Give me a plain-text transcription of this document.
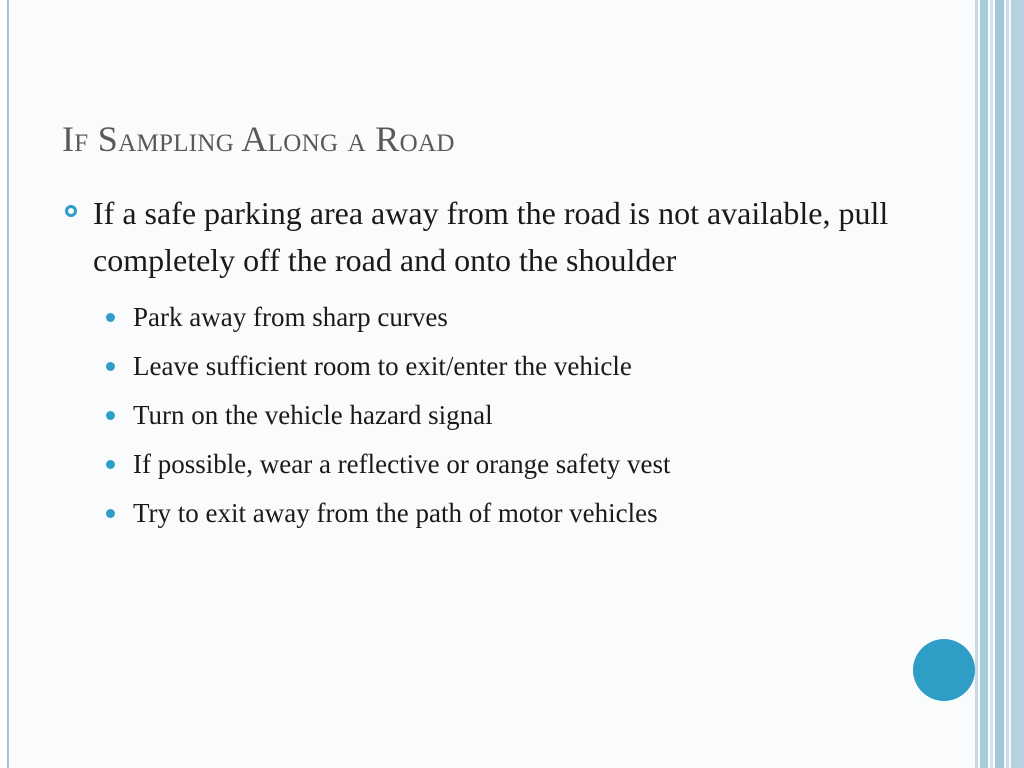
If Sampling Along a Road
If a safe parking area away from the road is not available, pull completely off the road and onto the shoulder
Park away from sharp curves
Leave sufficient room to exit/enter the vehicle
Turn on the vehicle hazard signal
If possible, wear a reflective or orange safety vest
Try to exit away from the path of motor vehicles
